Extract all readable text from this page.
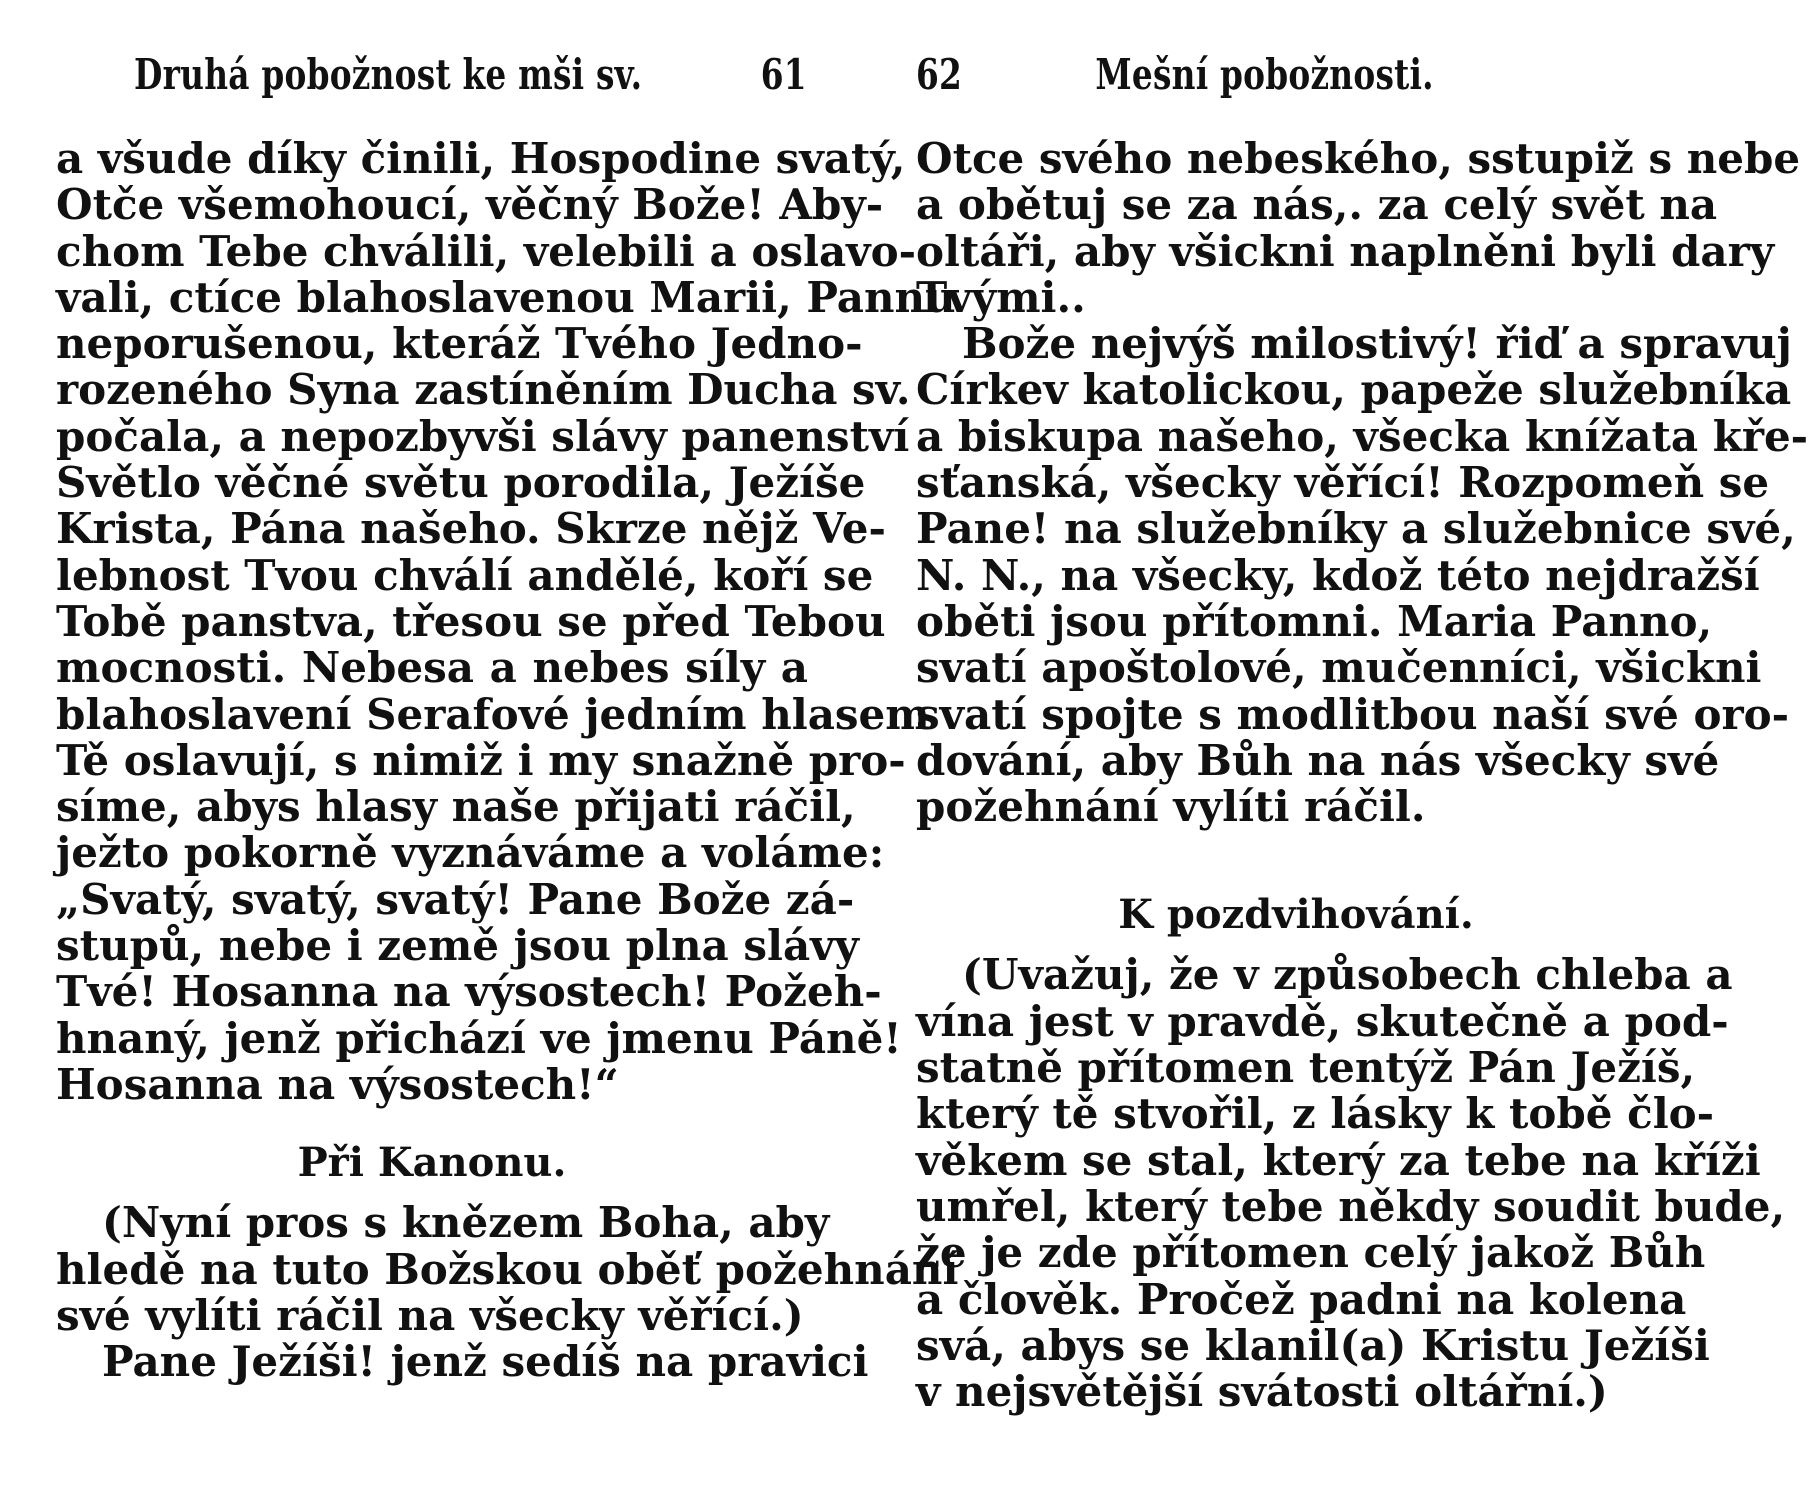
Druhá pobožnost ke mši sv.	61
a všude díky činili, Hospodine svatý,
Otče všemohoucí, věčný Bože! Aby-
chom Tebe chválili, velebili a oslavo-
vali, ctíce blahoslavenou Marii, Pannu
neporušenou, kteráž Tvého Jedno-
rozeného Syna zastíněním Ducha sv.
počala, a nepozbyvši slávy panenství
Světlo věčné světu porodila, Ježíše
Krista, Pána našeho. Skrze nějž Ve-
lebnost Tvou chválí andělé, koří se
Tobě panstva, třesou se před Tebou
mocnosti. Nebesa a nebes síly a
blahoslavení Serafové jedním hlasem
Tě oslavují, s nimiž i my snažně pro-
síme, abys hlasy naše přijati ráčil,
ježto pokorně vyznáváme a voláme:
„Svatý, svatý, svatý! Pane Bože zá-
stupů, nebe i země jsou plna slávy
Tvé! Hosanna na výsostech! Požeh-
hnaný, jenž přichází ve jmenu Páně!
Hosanna na výsostech!“
Při Kanonu.
(Nyní pros s knězem Boha, aby
hledě na tuto Božskou oběť požehnání
své vylíti ráčil na všecky věřící.)
Pane Ježíši! jenž sedíš na pravici
62	Mešní pobožnosti.
Otce svého nebeského, sstupiž s nebe
a obětuj se za nás,. za celý svět na
oltáři, aby všickni naplněni byli dary
Tvými..
Bože nejvýš milostivý! řiď a spravuj
Církev katolickou, papeže služebníka
a biskupa našeho, všecka knížata kře-
sťanská, všecky věřící! Rozpomeň se
Pane! na služebníky a služebnice své,
N. N., na všecky, kdož této nejdražší
oběti jsou přítomni. Maria Panno,
svatí apoštolové, mučenníci, všickni
svatí spojte s modlitbou naší své oro-
dování, aby Bůh na nás všecky své
požehnání vylíti ráčil.
K pozdvihování.
(Uvažuj, že v způsobech chleba a
vína jest v pravdě, skutečně a pod-
statně přítomen tentýž Pán Ježíš,
který tě stvořil, z lásky k tobě člo-
věkem se stal, který za tebe na kříži
umřel, který tebe někdy soudit bude,
že je zde přítomen celý jakož Bůh
a člověk. Pročež padni na kolena
svá, abys se klanil(a) Kristu Ježíši
v nejsvětější svátosti oltářní.)
